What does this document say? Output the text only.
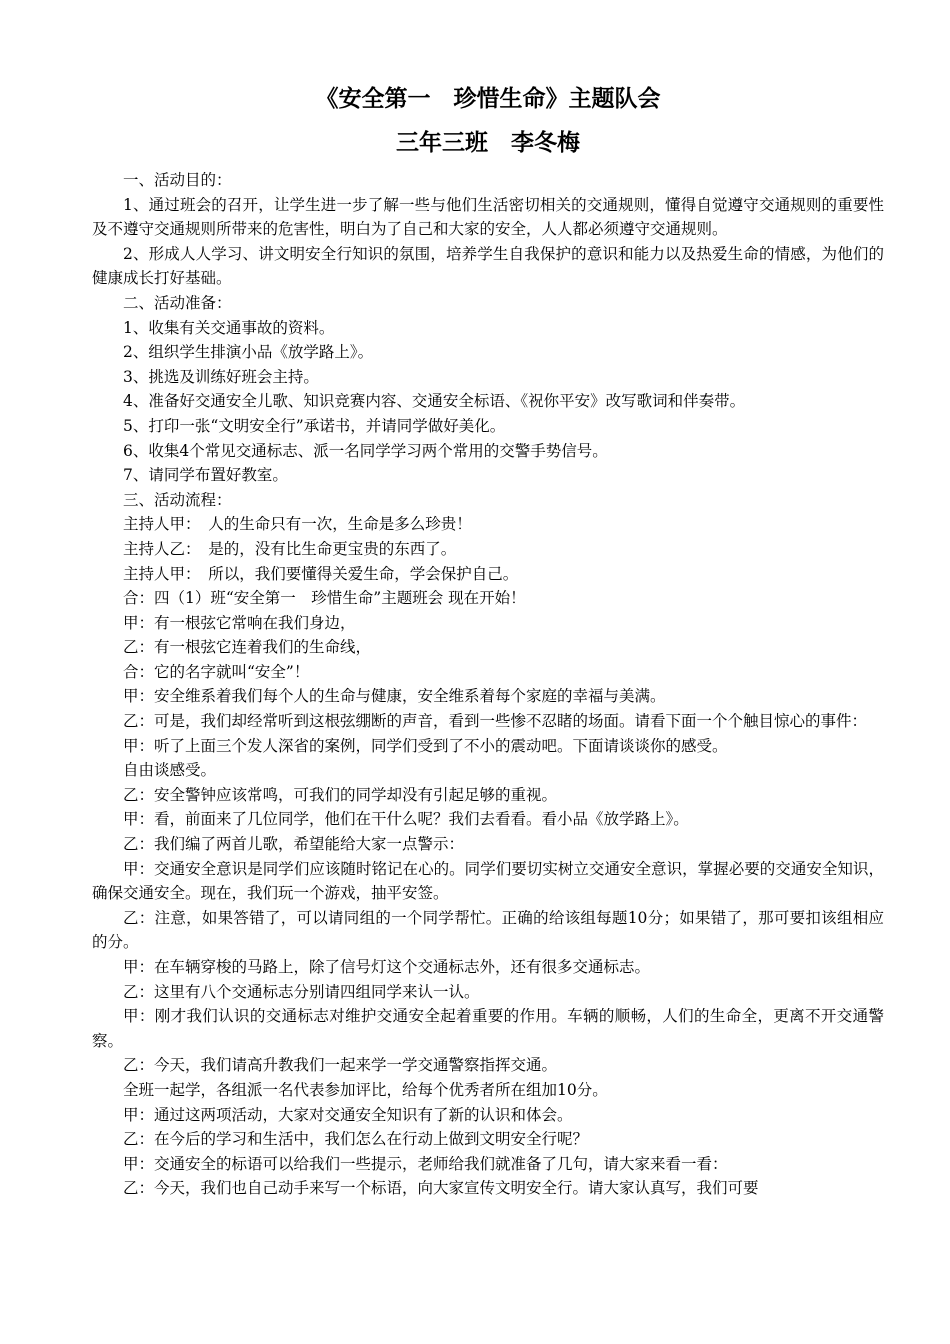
《安全第一　珍惜生命》主题队会
三年三班　李冬梅

一、活动目的：

1、通过班会的召开，让学生进一步了解一些与他们生活密切相关的交通规则，懂得自觉遵守交通规则的重要性及不遵守交通规则所带来的危害性，明白为了自己和大家的安全，人人都必须遵守交通规则。

2、形成人人学习、讲文明安全行知识的氛围，培养学生自我保护的意识和能力以及热爱生命的情感，为他们的健康成长打好基础。

二、活动准备：

1、收集有关交通事故的资料。

2、组织学生排演小品《放学路上》。

3、挑选及训练好班会主持。

4、准备好交通安全儿歌、知识竞赛内容、交通安全标语、《祝你平安》改写歌词和伴奏带。

5、打印一张“文明安全行”承诺书，并请同学做好美化。

6、收集4个常见交通标志、派一名同学学习两个常用的交警手势信号。

7、请同学布置好教室。

三、活动流程：

主持人甲：　人的生命只有一次，生命是多么珍贵！

主持人乙：　是的，没有比生命更宝贵的东西了。

主持人甲：　所以，我们要懂得关爱生命，学会保护自己。

合：四（1）班“安全第一　珍惜生命”主题班会 现在开始！

甲：有一根弦它常响在我们身边，

乙：有一根弦它连着我们的生命线，

合：它的名字就叫“安全”！

甲：安全维系着我们每个人的生命与健康，安全维系着每个家庭的幸福与美满。

乙：可是，我们却经常听到这根弦绷断的声音，看到一些惨不忍睹的场面。请看下面一个个触目惊心的事件：

甲：听了上面三个发人深省的案例，同学们受到了不小的震动吧。下面请谈谈你的感受。

自由谈感受。

乙：安全警钟应该常鸣，可我们的同学却没有引起足够的重视。

甲：看，前面来了几位同学，他们在干什么呢？我们去看看。看小品《放学路上》。

乙：我们编了两首儿歌，希望能给大家一点警示：

甲：交通安全意识是同学们应该随时铭记在心的。同学们要切实树立交通安全意识，掌握必要的交通安全知识，确保交通安全。现在，我们玩一个游戏，抽平安签。

乙：注意，如果答错了，可以请同组的一个同学帮忙。正确的给该组每题10分；如果错了，那可要扣该组相应的分。

甲：在车辆穿梭的马路上，除了信号灯这个交通标志外，还有很多交通标志。

乙：这里有八个交通标志分别请四组同学来认一认。

甲：刚才我们认识的交通标志对维护交通安全起着重要的作用。车辆的顺畅，人们的生命全，更离不开交通警察。

乙：今天，我们请高升教我们一起来学一学交通警察指挥交通。

全班一起学，各组派一名代表参加评比，给每个优秀者所在组加10分。

甲：通过这两项活动，大家对交通安全知识有了新的认识和体会。

乙：在今后的学习和生活中，我们怎么在行动上做到文明安全行呢？

甲：交通安全的标语可以给我们一些提示，老师给我们就准备了几句，请大家来看一看：

乙：今天，我们也自己动手来写一个标语，向大家宣传文明安全行。请大家认真写，我们可要
